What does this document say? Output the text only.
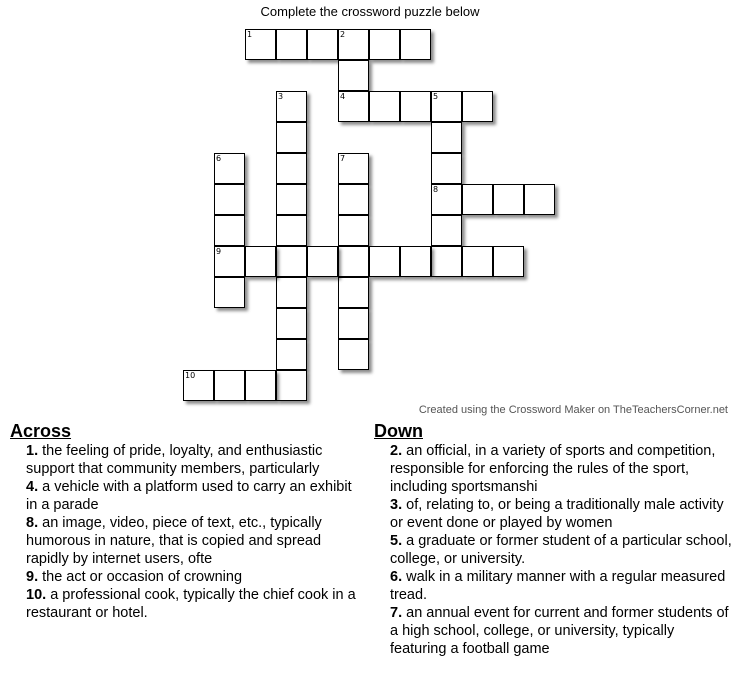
Complete the crossword puzzle below
1	2
4	5
3
8
6
9
7
10
Created using the Crossword Maker on TheTeachersCorner.net
Across
1. the feeling of pride, loyalty, and enthusiastic support that community members, particularly
4. a vehicle with a platform used to carry an exhibit in a parade
8. an image, video, piece of text, etc., typically humorous in nature, that is copied and spread rapidly by internet users, ofte
9. the act or occasion of crowning
10. a professional cook, typically the chief cook in a restaurant or hotel.
Down
2. an official, in a variety of sports and competition, responsible for enforcing the rules of the sport, including sportsmanshi
3. of, relating to, or being a traditionally male activity or event done or played by women
5. a graduate or former student of a particular school, college, or university.
6. walk in a military manner with a regular measured tread.
7. an annual event for current and former students of a high school, college, or university, typically featuring a football game
